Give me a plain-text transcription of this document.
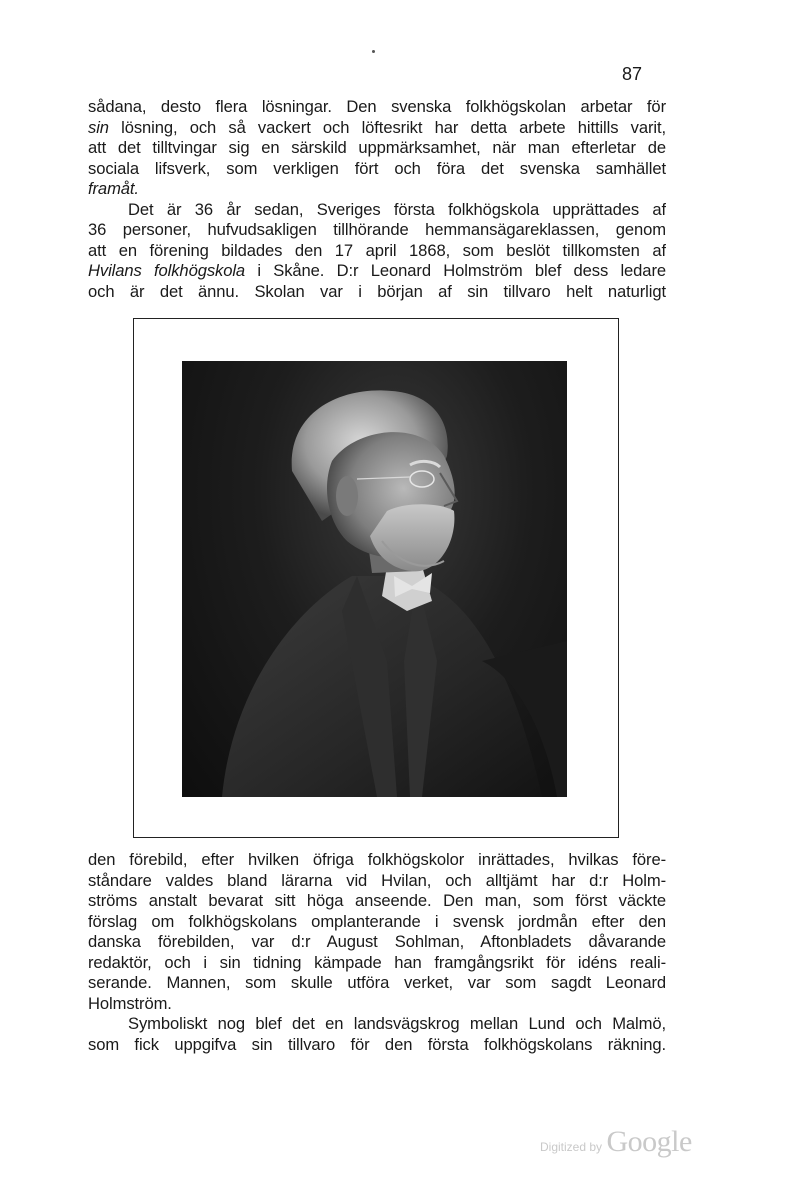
87
sådana, desto flera lösningar. Den svenska folkhögskolan arbetar för
sin lösning, och så vackert och löftesrikt har detta arbete hittills varit,
att det tilltvingar sig en särskild uppmärksamhet, när man efterletar de
sociala lifsverk, som verkligen fört och föra det svenska samhället
framåt.
Det är 36 år sedan, Sveriges första folkhögskola upprättades af
36 personer, hufvudsakligen tillhörande hemmansägareklassen, genom
att en förening bildades den 17 april 1868, som beslöt tillkomsten af
Hvilans folkhögskola i Skåne. D:r Leonard Holmström blef dess ledare
och är det ännu. Skolan var i början af sin tillvaro helt naturligt
den förebild, efter hvilken öfriga folkhögskolor inrättades, hvilkas före-
ståndare valdes bland lärarna vid Hvilan, och alltjämt har d:r Holm-
ströms anstalt bevarat sitt höga anseende. Den man, som först väckte
förslag om folkhögskolans omplanterande i svensk jordmån efter den
danska förebilden, var d:r August Sohlman, Aftonbladets dåvarande
redaktör, och i sin tidning kämpade han framgångsrikt för idéns reali-
serande. Mannen, som skulle utföra verket, var som sagdt Leonard
Holmström.
Symboliskt nog blef det en landsvägskrog mellan Lund och Malmö,
som fick uppgifva sin tillvaro för den första folkhögskolans räkning.
Digitized by Google
